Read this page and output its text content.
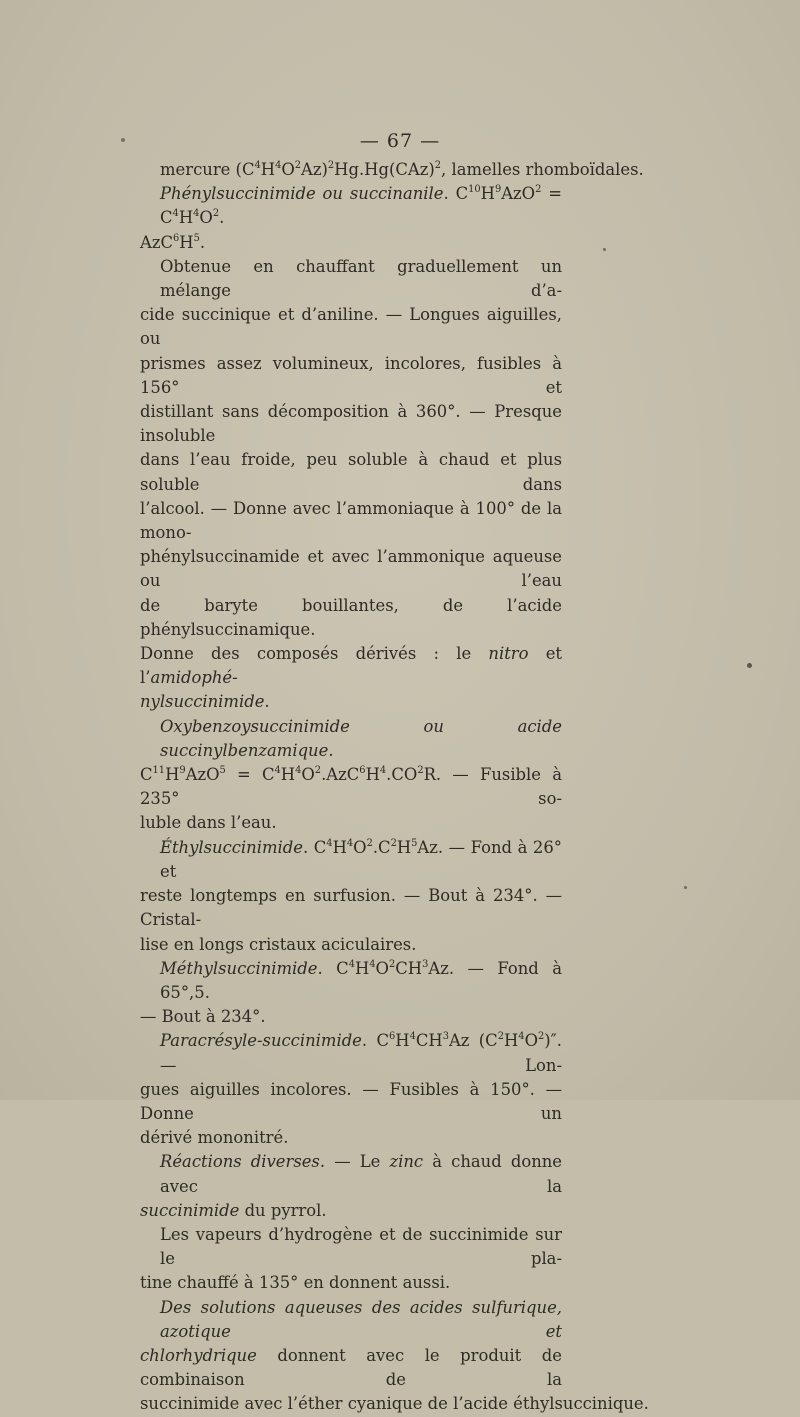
— 67 —
mercure $(C^4H^4O^2Az)^2Hg.Hg(CAz)^2$, lamelles rhomboïdales.
Phénylsuccinimide ou succinanile. $C^{10}H^9AzO^2 = C^4H^4O^2$.
$AzC^6H^5$.
Obtenue en chauffant graduellement un mélange d’a-
cide succinique et d’aniline. — Longues aiguilles, ou
prismes assez volumineux, incolores, fusibles à 156° et
distillant sans décomposition à 360°. — Presque insoluble
dans l’eau froide, peu soluble à chaud et plus soluble dans
l’alcool. — Donne avec l’ammoniaque à 100° de la mono-
phénylsuccinamide et avec l’ammonique aqueuse ou l’eau
de baryte bouillantes, de l’acide phénylsuccinamique.
Donne des composés dérivés : le nitro et l’amidophé-
nylsuccinimide.
Oxybenzoysuccinimide ou acide succinylbenzamique.
$C^{11}H^9AzO^5 = C^4H^4O^2.AzC^6H^4.CO^2R$. — Fusible à 235° so-
luble dans l’eau.
Éthylsuccinimide. $C^4H^4O^2.C^2H^5Az$. — Fond à 26° et
reste longtemps en surfusion. — Bout à 234°. — Cristal-
lise en longs cristaux aciculaires.
Méthylsuccinimide. $C^4H^4O^2CH^3Az$. — Fond à 65°,5.
— Bout à 234°.
Paracrésyle-succinimide. $C^6H^4CH^3Az$ $(C^2H^4O^2)''$. — Lon-
gues aiguilles incolores. — Fusibles à 150°. — Donne un
dérivé mononitré.
Réactions diverses. — Le zinc à chaud donne avec la
succinimide du pyrrol.
Les vapeurs d’hydrogène et de succinimide sur le pla-
tine chauffé à 135° en donnent aussi.
Des solutions aqueuses des acides sulfurique, azotique et
chlorhydrique donnent avec le produit de combinaison de la
succinimide avec l’éther cyanique de l’acide éthylsuccinique.
